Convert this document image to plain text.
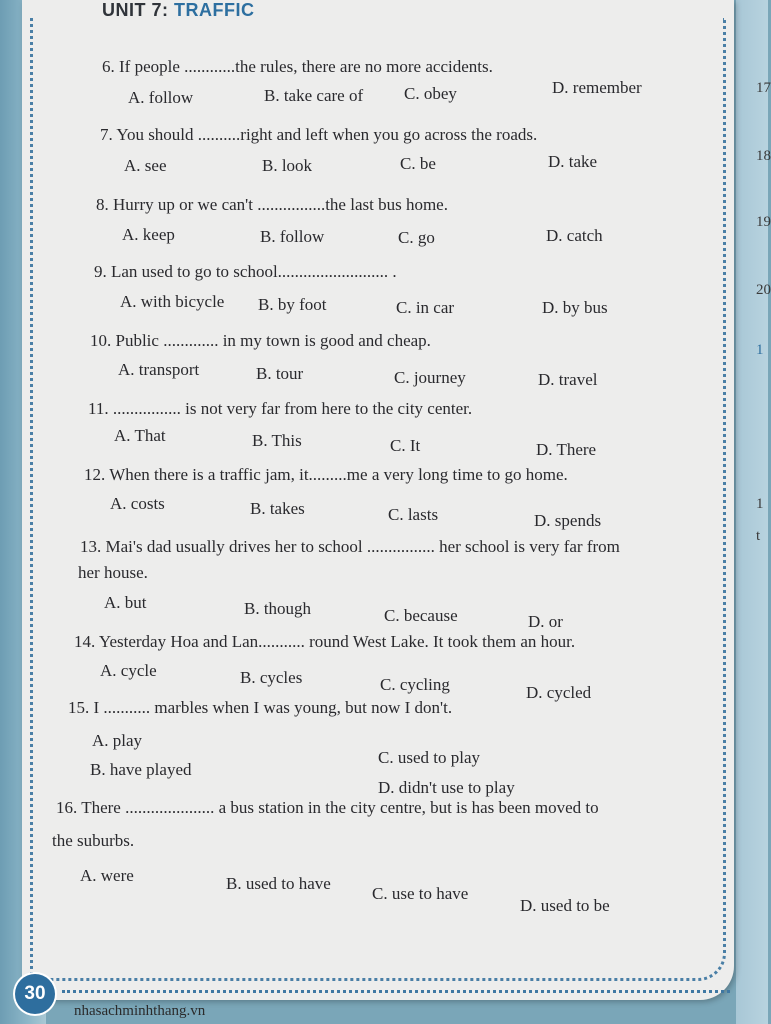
UNIT 7: TRAFFIC
17
18
19
20
1
1
t
6. If people ............the rules, there are no more accidents.
A. follow	B. take care of C. obey	D. remember
7. You should ..........right and left when you go across the roads.
A. see	B. look	C. be	D. take
8. Hurry up or we can't ................the last bus home.
A. keep	B. follow	C. go	D. catch
9. Lan used to go to school.......................... .
A. with bicycle B. by foot	C. in car	D. by bus
10. Public ............. in my town is good and cheap.
A. transport	B. tour	C. journey	D. travel
11. ................ is not very far from here to the city center.
A. That	B. This	C. It	D. There
12. When there is a traffic jam, it.........me a very long time to go home.
A. costs	B. takes	C. lasts	D. spends
13. Mai's dad usually drives her to school ................ her school is very far from
her house.
A. but	B. though	C. because	D. or
14. Yesterday Hoa and Lan........... round West Lake. It took them an hour.
A. cycle	B. cycles	C. cycling	D. cycled
15. I ........... marbles when I was young, but now I don't.
A. play
C. used to play
B. have played
D. didn't use to play
16. There ..................... a bus station in the city centre, but is has been moved to
the suburbs.
A. were	B. used to have
C. use to have
D. used to be
30
nhasachminhthang.vn
